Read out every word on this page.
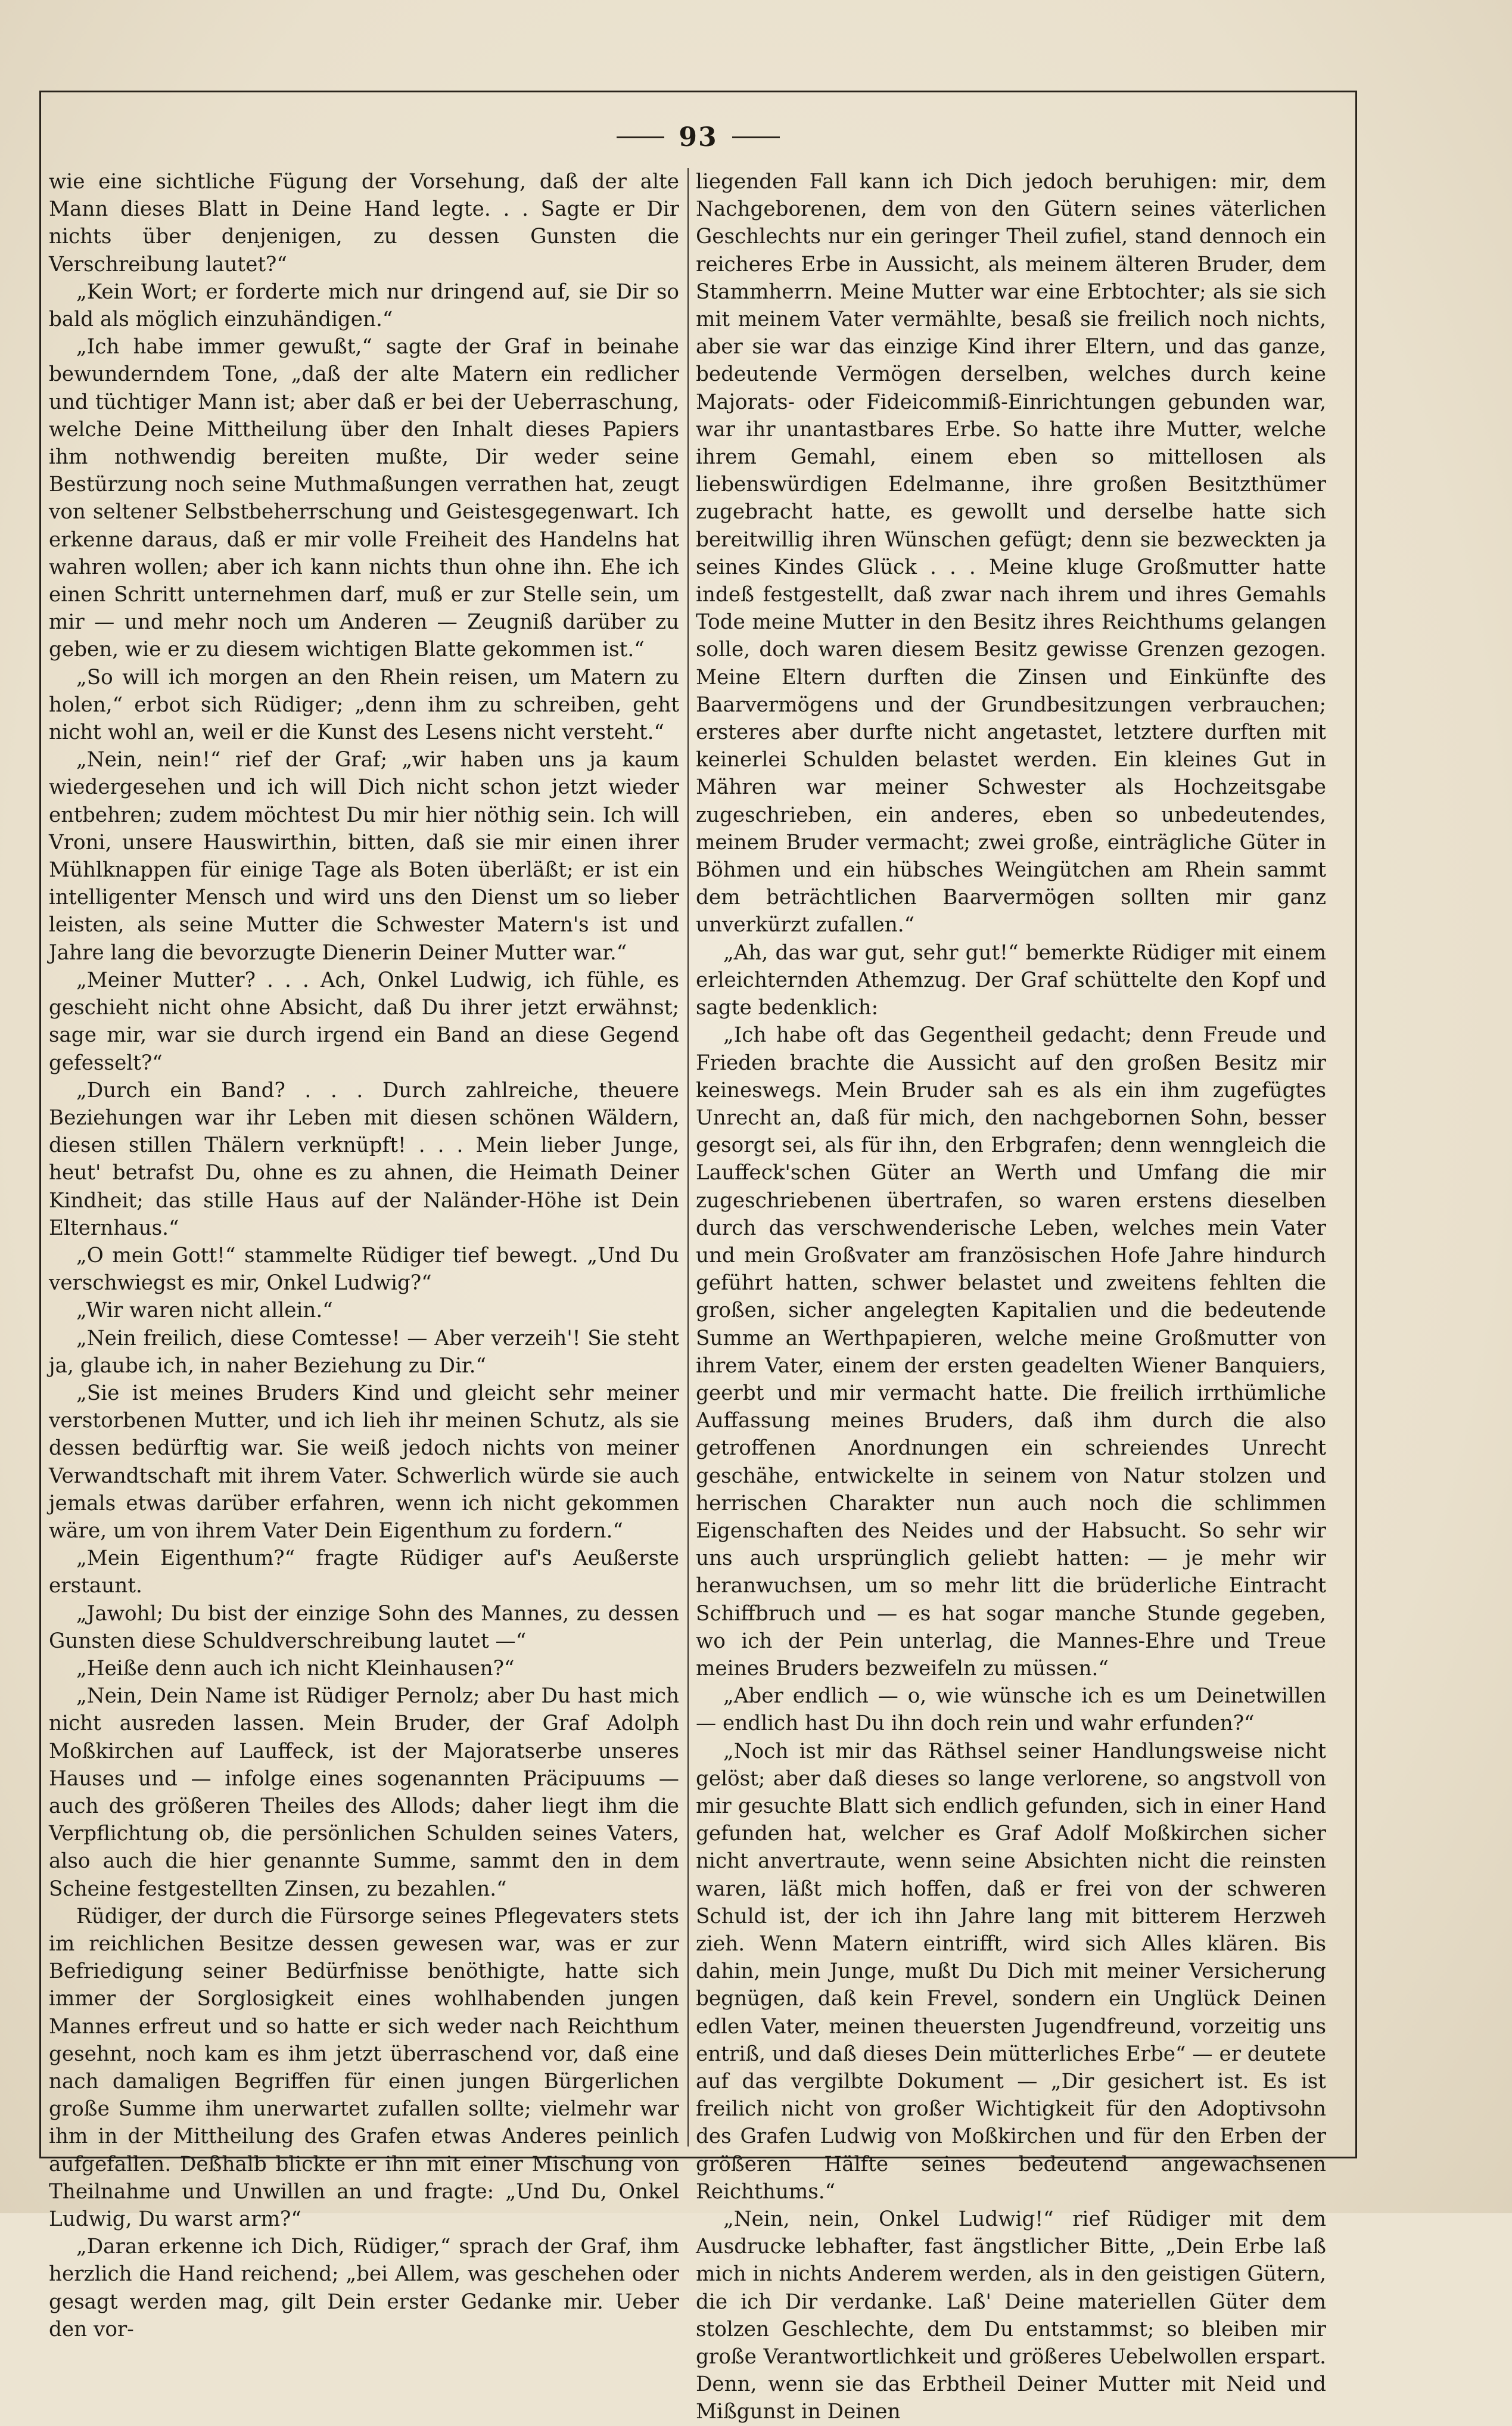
93

wie eine sichtliche Fügung der Vorsehung, daß der alte Mann dieses Blatt in Deine Hand legte. . . Sagte er Dir nichts über denjenigen, zu dessen Gunsten die Verschreibung lautet?“

„Kein Wort; er forderte mich nur dringend auf, sie Dir so bald als möglich einzuhändigen.“

„Ich habe immer gewußt,“ sagte der Graf in beinahe bewunderndem Tone, „daß der alte Matern ein redlicher und tüchtiger Mann ist; aber daß er bei der Ueberraschung, welche Deine Mittheilung über den Inhalt dieses Papiers ihm nothwendig bereiten mußte, Dir weder seine Bestürzung noch seine Muthmaßungen verrathen hat, zeugt von seltener Selbstbeherrschung und Geistesgegenwart. Ich erkenne daraus, daß er mir volle Freiheit des Handelns hat wahren wollen; aber ich kann nichts thun ohne ihn. Ehe ich einen Schritt unternehmen darf, muß er zur Stelle sein, um mir — und mehr noch um Anderen — Zeugniß darüber zu geben, wie er zu diesem wichtigen Blatte gekommen ist.“

„So will ich morgen an den Rhein reisen, um Matern zu holen,“ erbot sich Rüdiger; „denn ihm zu schreiben, geht nicht wohl an, weil er die Kunst des Lesens nicht versteht.“

„Nein, nein!“ rief der Graf; „wir haben uns ja kaum wiedergesehen und ich will Dich nicht schon jetzt wieder entbehren; zudem möchtest Du mir hier nöthig sein. Ich will Vroni, unsere Hauswirthin, bitten, daß sie mir einen ihrer Mühlknappen für einige Tage als Boten überläßt; er ist ein intelligenter Mensch und wird uns den Dienst um so lieber leisten, als seine Mutter die Schwester Matern's ist und Jahre lang die bevorzugte Dienerin Deiner Mutter war.“

„Meiner Mutter? . . . Ach, Onkel Ludwig, ich fühle, es geschieht nicht ohne Absicht, daß Du ihrer jetzt erwähnst; sage mir, war sie durch irgend ein Band an diese Gegend gefesselt?“

„Durch ein Band? . . . Durch zahlreiche, theuere Beziehungen war ihr Leben mit diesen schönen Wäldern, diesen stillen Thälern verknüpft! . . . Mein lieber Junge, heut' betrafst Du, ohne es zu ahnen, die Heimath Deiner Kindheit; das stille Haus auf der Naländer-Höhe ist Dein Elternhaus.“

„O mein Gott!“ stammelte Rüdiger tief bewegt. „Und Du verschwiegst es mir, Onkel Ludwig?“

„Wir waren nicht allein.“

„Nein freilich, diese Comtesse! — Aber verzeih'! Sie steht ja, glaube ich, in naher Beziehung zu Dir.“

„Sie ist meines Bruders Kind und gleicht sehr meiner verstorbenen Mutter, und ich lieh ihr meinen Schutz, als sie dessen bedürftig war. Sie weiß jedoch nichts von meiner Verwandtschaft mit ihrem Vater. Schwerlich würde sie auch jemals etwas darüber erfahren, wenn ich nicht gekommen wäre, um von ihrem Vater Dein Eigenthum zu fordern.“

„Mein Eigenthum?“ fragte Rüdiger auf's Aeußerste erstaunt.

„Jawohl; Du bist der einzige Sohn des Mannes, zu dessen Gunsten diese Schuldverschreibung lautet —“

„Heiße denn auch ich nicht Kleinhausen?“

„Nein, Dein Name ist Rüdiger Pernolz; aber Du hast mich nicht ausreden lassen. Mein Bruder, der Graf Adolph Moßkirchen auf Lauffeck, ist der Majoratserbe unseres Hauses und — infolge eines sogenannten Präcipuums — auch des größeren Theiles des Allods; daher liegt ihm die Verpflichtung ob, die persönlichen Schulden seines Vaters, also auch die hier genannte Summe, sammt den in dem Scheine festgestellten Zinsen, zu bezahlen.“

Rüdiger, der durch die Fürsorge seines Pflegevaters stets im reichlichen Besitze dessen gewesen war, was er zur Befriedigung seiner Bedürfnisse benöthigte, hatte sich immer der Sorglosigkeit eines wohlhabenden jungen Mannes erfreut und so hatte er sich weder nach Reichthum gesehnt, noch kam es ihm jetzt überraschend vor, daß eine nach damaligen Begriffen für einen jungen Bürgerlichen große Summe ihm unerwartet zufallen sollte; vielmehr war ihm in der Mittheilung des Grafen etwas Anderes peinlich aufgefallen. Deßhalb blickte er ihn mit einer Mischung von Theilnahme und Unwillen an und fragte: „Und Du, Onkel Ludwig, Du warst arm?“

„Daran erkenne ich Dich, Rüdiger,“ sprach der Graf, ihm herzlich die Hand reichend; „bei Allem, was geschehen oder gesagt werden mag, gilt Dein erster Gedanke mir. Ueber den vor-

liegenden Fall kann ich Dich jedoch beruhigen: mir, dem Nachgeborenen, dem von den Gütern seines väterlichen Geschlechts nur ein geringer Theil zufiel, stand dennoch ein reicheres Erbe in Aussicht, als meinem älteren Bruder, dem Stammherrn. Meine Mutter war eine Erbtochter; als sie sich mit meinem Vater vermählte, besaß sie freilich noch nichts, aber sie war das einzige Kind ihrer Eltern, und das ganze, bedeutende Vermögen derselben, welches durch keine Majorats- oder Fideicommiß-Einrichtungen gebunden war, war ihr unantastbares Erbe. So hatte ihre Mutter, welche ihrem Gemahl, einem eben so mittellosen als liebenswürdigen Edelmanne, ihre großen Besitzthümer zugebracht hatte, es gewollt und derselbe hatte sich bereitwillig ihren Wünschen gefügt; denn sie bezweckten ja seines Kindes Glück . . . Meine kluge Großmutter hatte indeß festgestellt, daß zwar nach ihrem und ihres Gemahls Tode meine Mutter in den Besitz ihres Reichthums gelangen solle, doch waren diesem Besitz gewisse Grenzen gezogen. Meine Eltern durften die Zinsen und Einkünfte des Baarvermögens und der Grundbesitzungen verbrauchen; ersteres aber durfte nicht angetastet, letztere durften mit keinerlei Schulden belastet werden. Ein kleines Gut in Mähren war meiner Schwester als Hochzeitsgabe zugeschrieben, ein anderes, eben so unbedeutendes, meinem Bruder vermacht; zwei große, einträgliche Güter in Böhmen und ein hübsches Weingütchen am Rhein sammt dem beträchtlichen Baarvermögen sollten mir ganz unverkürzt zufallen.“

„Ah, das war gut, sehr gut!“ bemerkte Rüdiger mit einem erleichternden Athemzug. Der Graf schüttelte den Kopf und sagte bedenklich:

„Ich habe oft das Gegentheil gedacht; denn Freude und Frieden brachte die Aussicht auf den großen Besitz mir keineswegs. Mein Bruder sah es als ein ihm zugefügtes Unrecht an, daß für mich, den nachgebornen Sohn, besser gesorgt sei, als für ihn, den Erbgrafen; denn wenngleich die Lauffeck'schen Güter an Werth und Umfang die mir zugeschriebenen übertrafen, so waren erstens dieselben durch das verschwenderische Leben, welches mein Vater und mein Großvater am französischen Hofe Jahre hindurch geführt hatten, schwer belastet und zweitens fehlten die großen, sicher angelegten Kapitalien und die bedeutende Summe an Werthpapieren, welche meine Großmutter von ihrem Vater, einem der ersten geadelten Wiener Banquiers, geerbt und mir vermacht hatte. Die freilich irrthümliche Auffassung meines Bruders, daß ihm durch die also getroffenen Anordnungen ein schreiendes Unrecht geschähe, entwickelte in seinem von Natur stolzen und herrischen Charakter nun auch noch die schlimmen Eigenschaften des Neides und der Habsucht. So sehr wir uns auch ursprünglich geliebt hatten: — je mehr wir heranwuchsen, um so mehr litt die brüderliche Eintracht Schiffbruch und — es hat sogar manche Stunde gegeben, wo ich der Pein unterlag, die Mannes-Ehre und Treue meines Bruders bezweifeln zu müssen.“

„Aber endlich — o, wie wünsche ich es um Deinetwillen — endlich hast Du ihn doch rein und wahr erfunden?“

„Noch ist mir das Räthsel seiner Handlungsweise nicht gelöst; aber daß dieses so lange verlorene, so angstvoll von mir gesuchte Blatt sich endlich gefunden, sich in einer Hand gefunden hat, welcher es Graf Adolf Moßkirchen sicher nicht anvertraute, wenn seine Absichten nicht die reinsten waren, läßt mich hoffen, daß er frei von der schweren Schuld ist, der ich ihn Jahre lang mit bitterem Herzweh zieh. Wenn Matern eintrifft, wird sich Alles klären. Bis dahin, mein Junge, mußt Du Dich mit meiner Versicherung begnügen, daß kein Frevel, sondern ein Unglück Deinen edlen Vater, meinen theuersten Jugendfreund, vorzeitig uns entriß, und daß dieses Dein mütterliches Erbe“ — er deutete auf das vergilbte Dokument — „Dir gesichert ist. Es ist freilich nicht von großer Wichtigkeit für den Adoptivsohn des Grafen Ludwig von Moßkirchen und für den Erben der größeren Hälfte seines bedeutend angewachsenen Reichthums.“

„Nein, nein, Onkel Ludwig!“ rief Rüdiger mit dem Ausdrucke lebhafter, fast ängstlicher Bitte, „Dein Erbe laß mich in nichts Anderem werden, als in den geistigen Gütern, die ich Dir verdanke. Laß' Deine materiellen Güter dem stolzen Geschlechte, dem Du entstammst; so bleiben mir große Verantwortlichkeit und größeres Uebelwollen erspart. Denn, wenn sie das Erbtheil Deiner Mutter mit Neid und Mißgunst in Deinen
